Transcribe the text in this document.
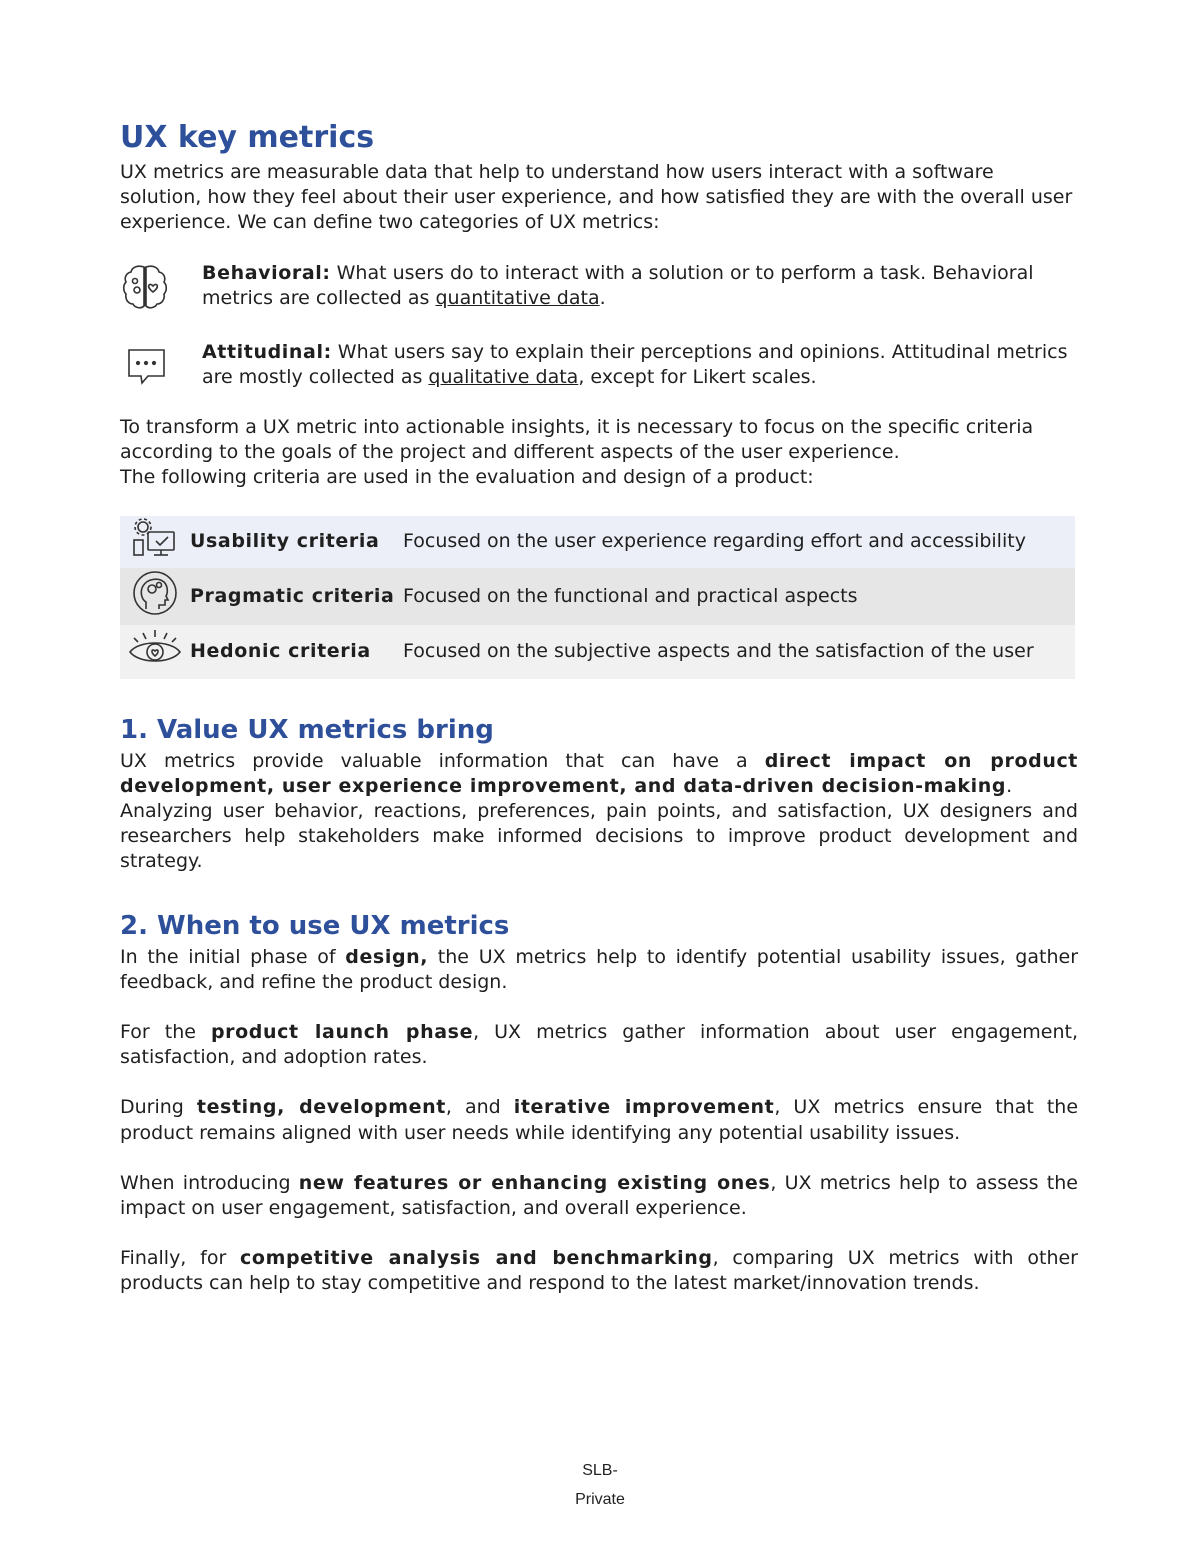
UX key metrics

UX metrics are measurable data that help to understand how users interact with a software solution, how they feel about their user experience, and how satisfied they are with the overall user experience. We can define two categories of UX metrics:

Behavioral: What users do to interact with a solution or to perform a task. Behavioral metrics are collected as quantitative data.
Attitudinal: What users say to explain their perceptions and opinions. Attitudinal metrics are mostly collected as qualitative data, except for Likert scales.

To transform a UX metric into actionable insights, it is necessary to focus on the specific criteria according to the goals of the project and different aspects of the user experience.

The following criteria are used in the evaluation and design of a product:

	Usability criteria	Focused on the user experience regarding effort and accessibility
	Pragmatic criteria	Focused on the functional and practical aspects
	Hedonic criteria	Focused on the subjective aspects and the satisfaction of the user
1. Value UX metrics bring

UX metrics provide valuable information that can have a direct impact on product development, user experience improvement, and data-driven decision-making.

Analyzing user behavior, reactions, preferences, pain points, and satisfaction, UX designers and researchers help stakeholders make informed decisions to improve product development and strategy.

2. When to use UX metrics

In the initial phase of design, the UX metrics help to identify potential usability issues, gather feedback, and refine the product design.

For the product launch phase, UX metrics gather information about user engagement, satisfaction, and adoption rates.

During testing, development, and iterative improvement, UX metrics ensure that the product remains aligned with user needs while identifying any potential usability issues.

When introducing new features or enhancing existing ones, UX metrics help to assess the impact on user engagement, satisfaction, and overall experience.

Finally, for competitive analysis and benchmarking, comparing UX metrics with other products can help to stay competitive and respond to the latest market/innovation trends.

SLB-
Private
